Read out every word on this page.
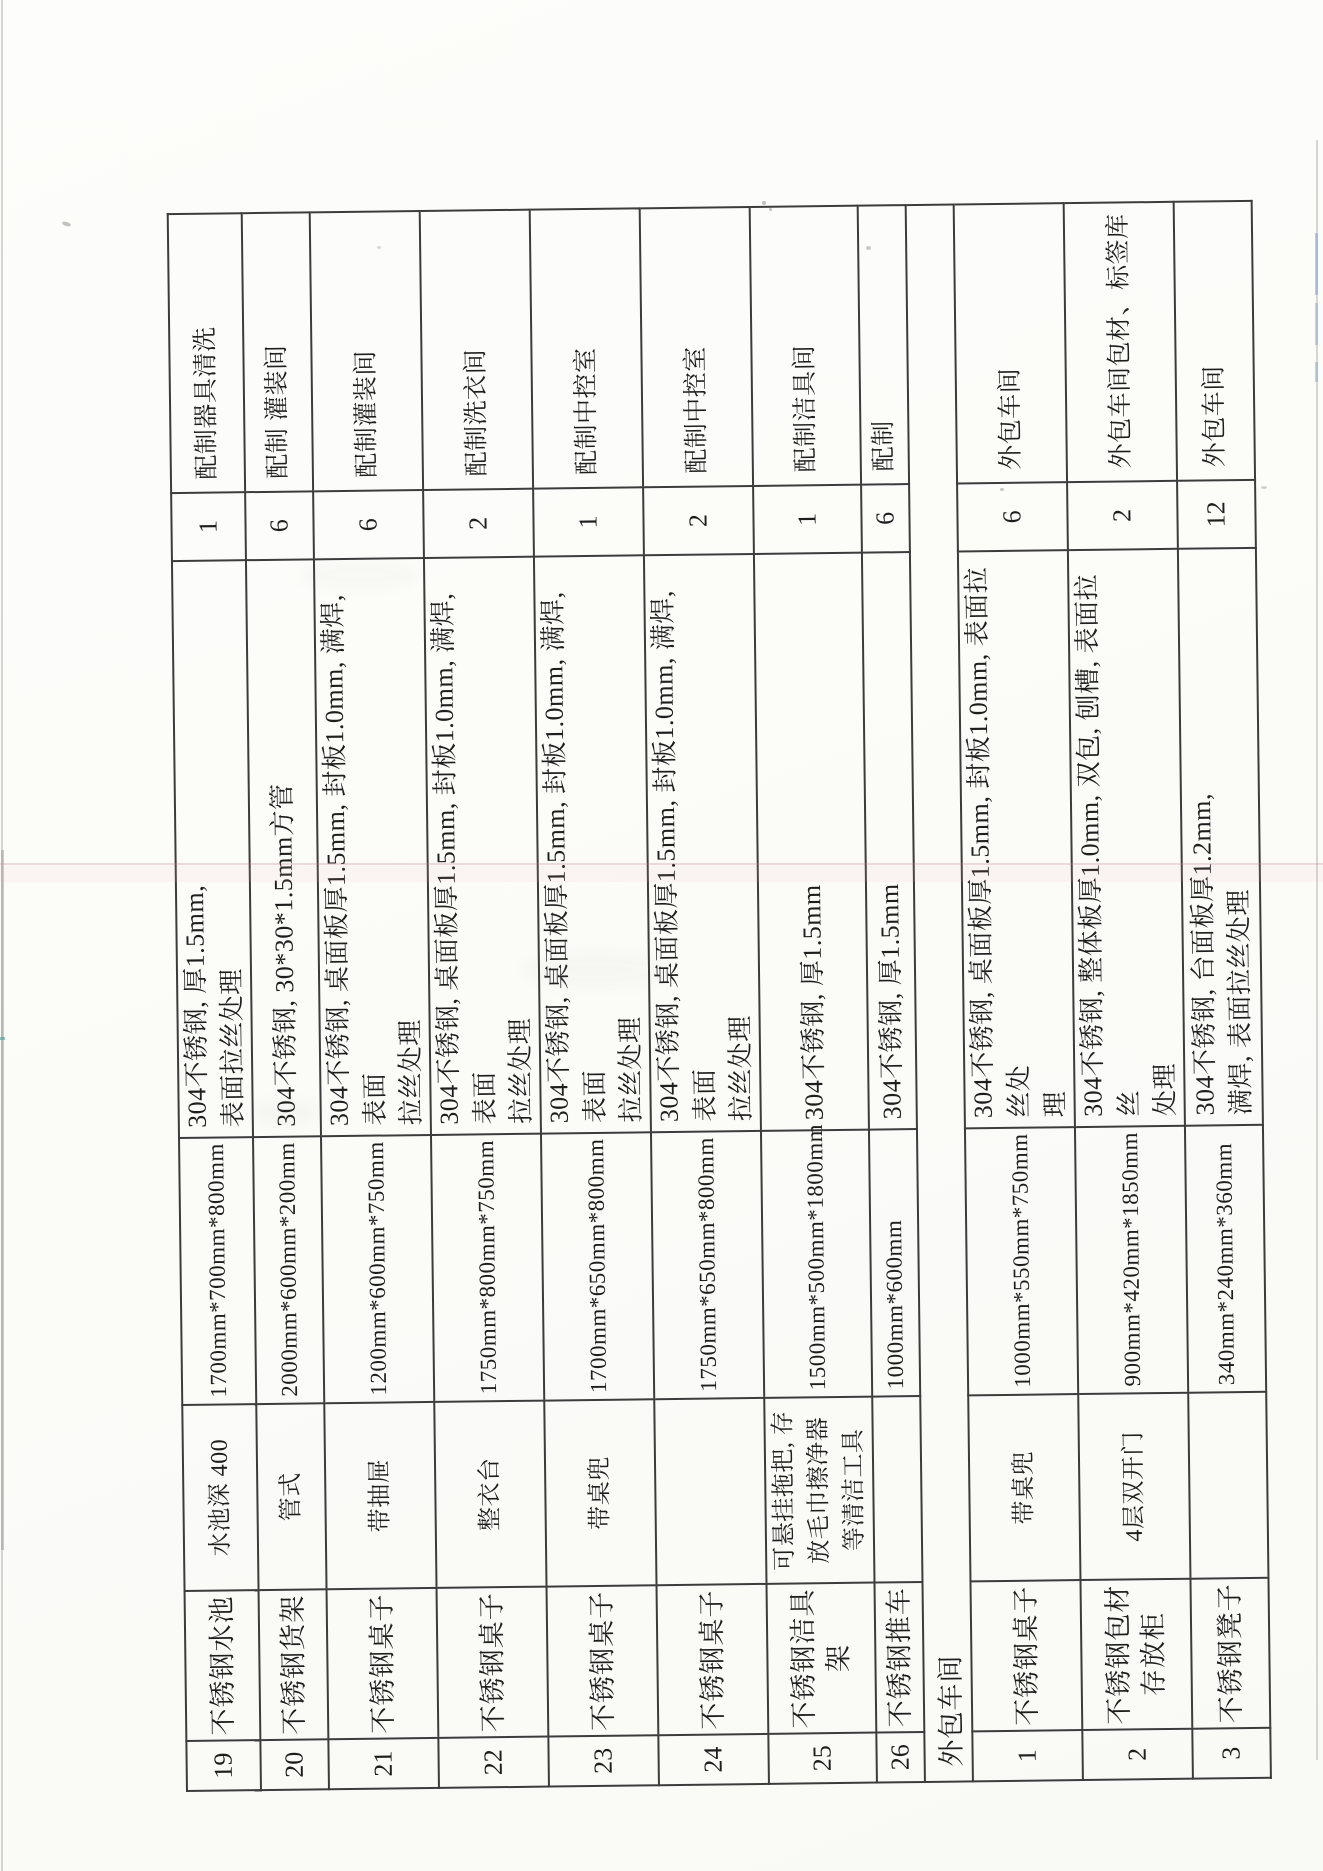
19	不锈钢水池	水池深 400	1700mm*700mm*800mm	304不锈钢, 厚1.5mm,
表面拉丝处理	1	配制器具清洗
20	不锈钢货架	管式	2000mm*600mm*200mm	304不锈钢, 30*30*1.5mm方管	6	配制 灌装间
21	不锈钢桌子	带抽屉	1200mm*600mm*750mm	304不锈钢, 桌面板厚1.5mm, 封板1.0mm, 满焊, 表面
拉丝处理	6	配制灌装间
22	不锈钢桌子	整衣台	1750mm*800mm*750mm	304不锈钢, 桌面板厚1.5mm, 封板1.0mm, 满焊, 表面
拉丝处理	2	配制洗衣间
23	不锈钢桌子	带桌兜	1700mm*650mm*800mm	304不锈钢, 桌面板厚1.5mm, 封板1.0mm, 满焊, 表面
拉丝处理	1	配制中控室
24	不锈钢桌子		1750mm*650mm*800mm	304不锈钢, 桌面板厚1.5mm, 封板1.0mm, 满焊, 表面
拉丝处理	2	配制中控室
25	不锈钢洁具
架	可悬挂拖把, 存
放毛巾擦净器
等清洁工具	1500mm*500mm*1800mm	304不锈钢, 厚1.5mm	1	配制洁具间
26	不锈钢推车		1000mm*600mm	304不锈钢, 厚1.5mm	6	配制
外包车间						
1	不锈钢桌子	带桌兜	1000mm*550mm*750mm	304不锈钢, 桌面板厚1.5mm, 封板1.0mm, 表面拉丝处
理	6	外包车间
2	不锈钢包材
存放柜	4层双开门	900mm*420mm*1850mm	304不锈钢, 整体板厚1.0mm, 双包, 刨槽, 表面拉丝
处理	2	外包车间包材、标签库
3	不锈钢凳子		340mm*240mm*360mm	304不锈钢, 台面板厚1.2mm,
满焊, 表面拉丝处理	12	外包车间
